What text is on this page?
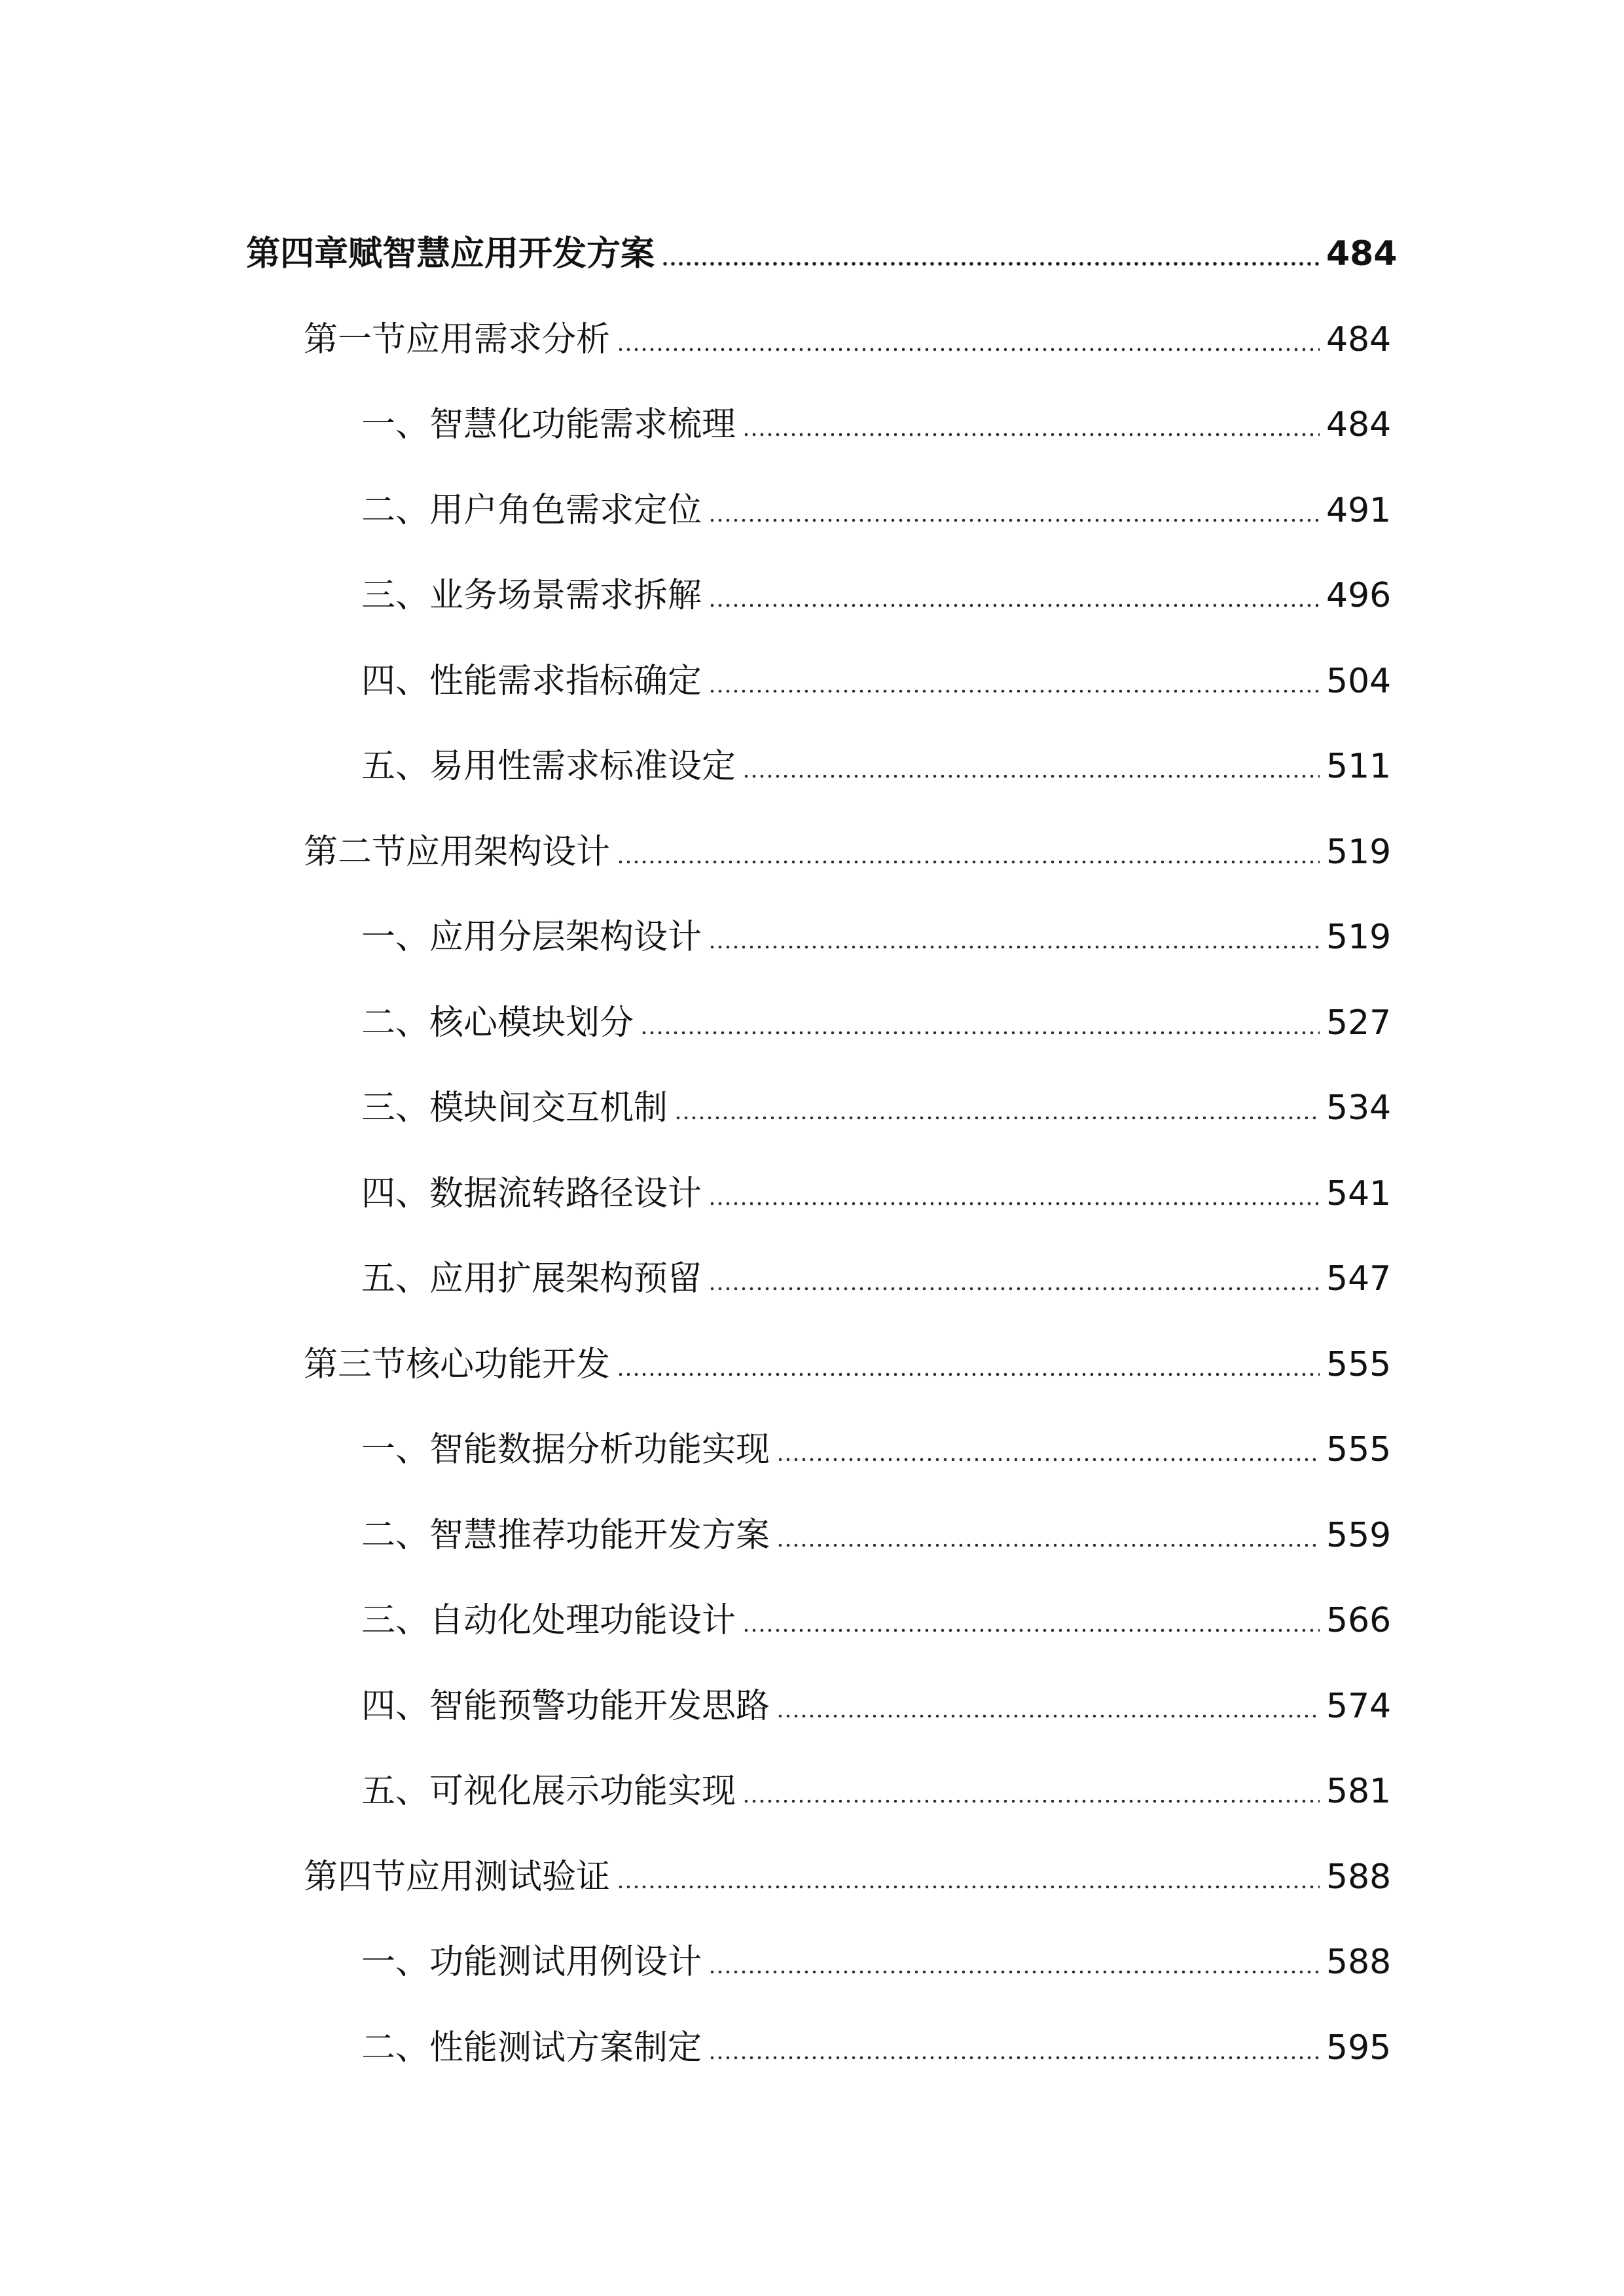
第四章赋智慧应用开发方案	484
第一节应用需求分析	484
一、智慧化功能需求梳理	484
二、用户角色需求定位	491
三、业务场景需求拆解	496
四、性能需求指标确定	504
五、易用性需求标准设定	511
第二节应用架构设计	519
一、应用分层架构设计	519
二、核心模块划分	527
三、模块间交互机制	534
四、数据流转路径设计	541
五、应用扩展架构预留	547
第三节核心功能开发	555
一、智能数据分析功能实现	555
二、智慧推荐功能开发方案	559
三、自动化处理功能设计	566
四、智能预警功能开发思路	574
五、可视化展示功能实现	581
第四节应用测试验证	588
一、功能测试用例设计	588
二、性能测试方案制定	595
